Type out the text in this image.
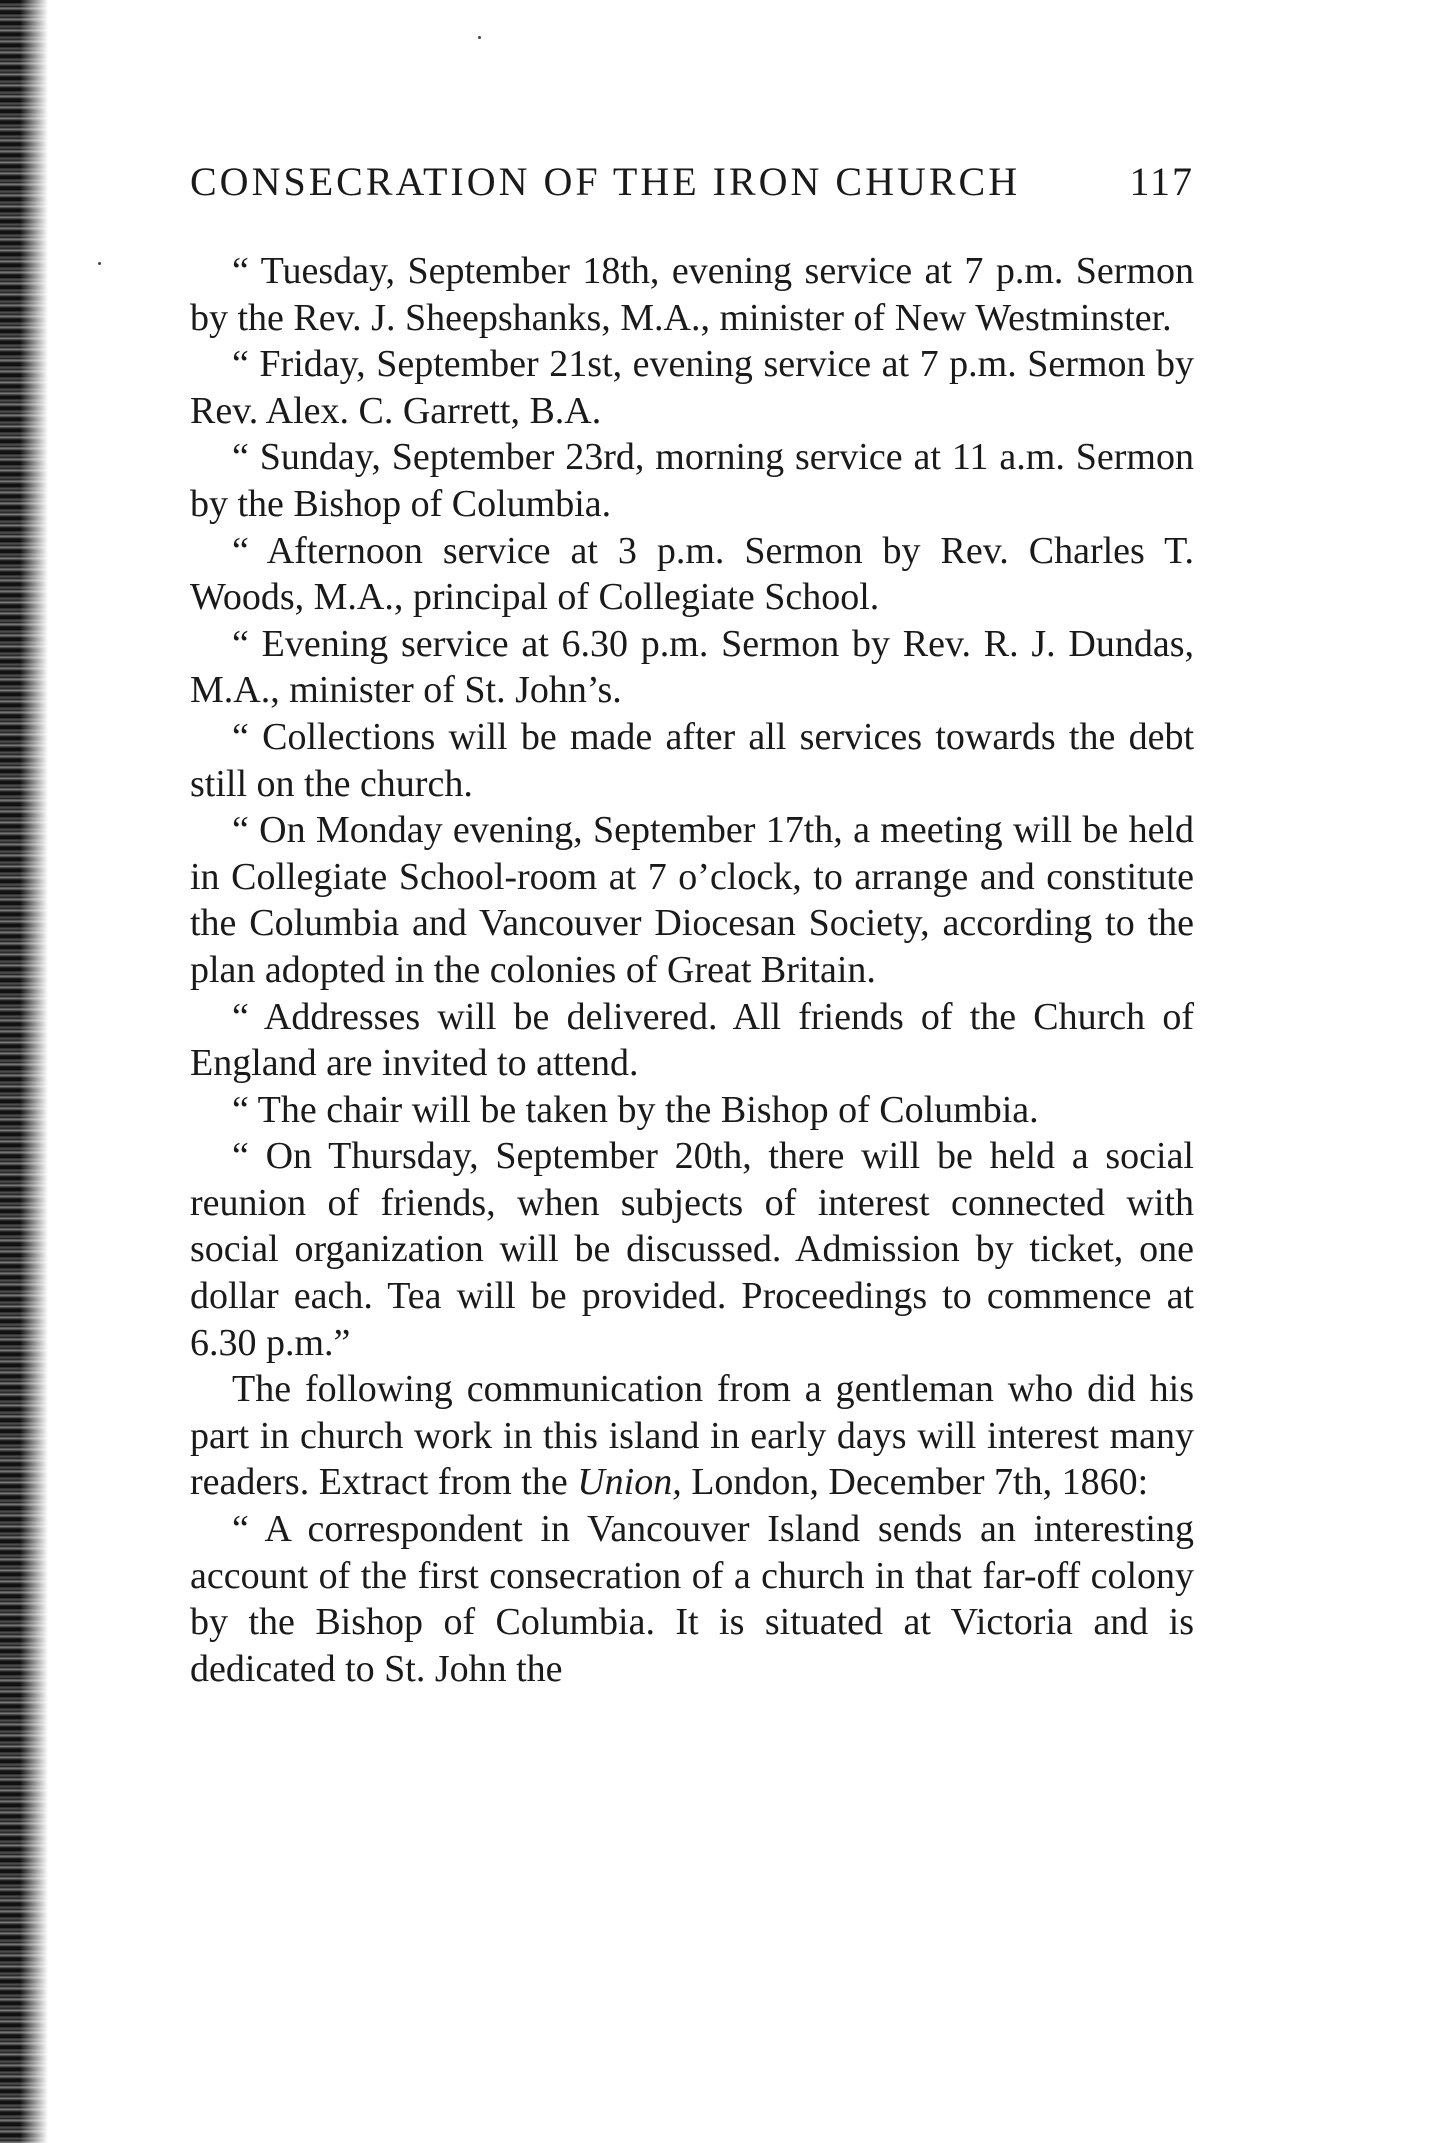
CONSECRATION OF THE IRON CHURCH	117

“ Tuesday, September 18th, evening service at 7 p.m. Sermon by the Rev. J. Sheepshanks, M.A., minister of New Westminster.

“ Friday, September 21st, evening service at 7 p.m. Sermon by Rev. Alex. C. Garrett, B.A.

“ Sunday, September 23rd, morning service at 11 a.m. Sermon by the Bishop of Columbia.

“ Afternoon service at 3 p.m. Sermon by Rev. Charles T. Woods, M.A., principal of Collegiate School.

“ Evening service at 6.30 p.m. Sermon by Rev. R. J. Dundas, M.A., minister of St. John’s.

“ Collections will be made after all services towards the debt still on the church.

“ On Monday evening, September 17th, a meeting will be held in Collegiate School-room at 7 o’clock, to arrange and constitute the Columbia and Vancouver Diocesan Society, according to the plan adopted in the colonies of Great Britain.

“ Addresses will be delivered. All friends of the Church of England are invited to attend.

“ The chair will be taken by the Bishop of Columbia.

“ On Thursday, September 20th, there will be held a social reunion of friends, when subjects of interest connected with social organization will be discussed. Admission by ticket, one dollar each. Tea will be provided. Proceedings to commence at 6.30 p.m.”

The following communication from a gentleman who did his part in church work in this island in early days will interest many readers. Extract from the Union, London, December 7th, 1860:

“ A correspondent in Vancouver Island sends an interesting account of the first consecration of a church in that far-off colony by the Bishop of Columbia. It is situated at Victoria and is dedicated to St. John the
